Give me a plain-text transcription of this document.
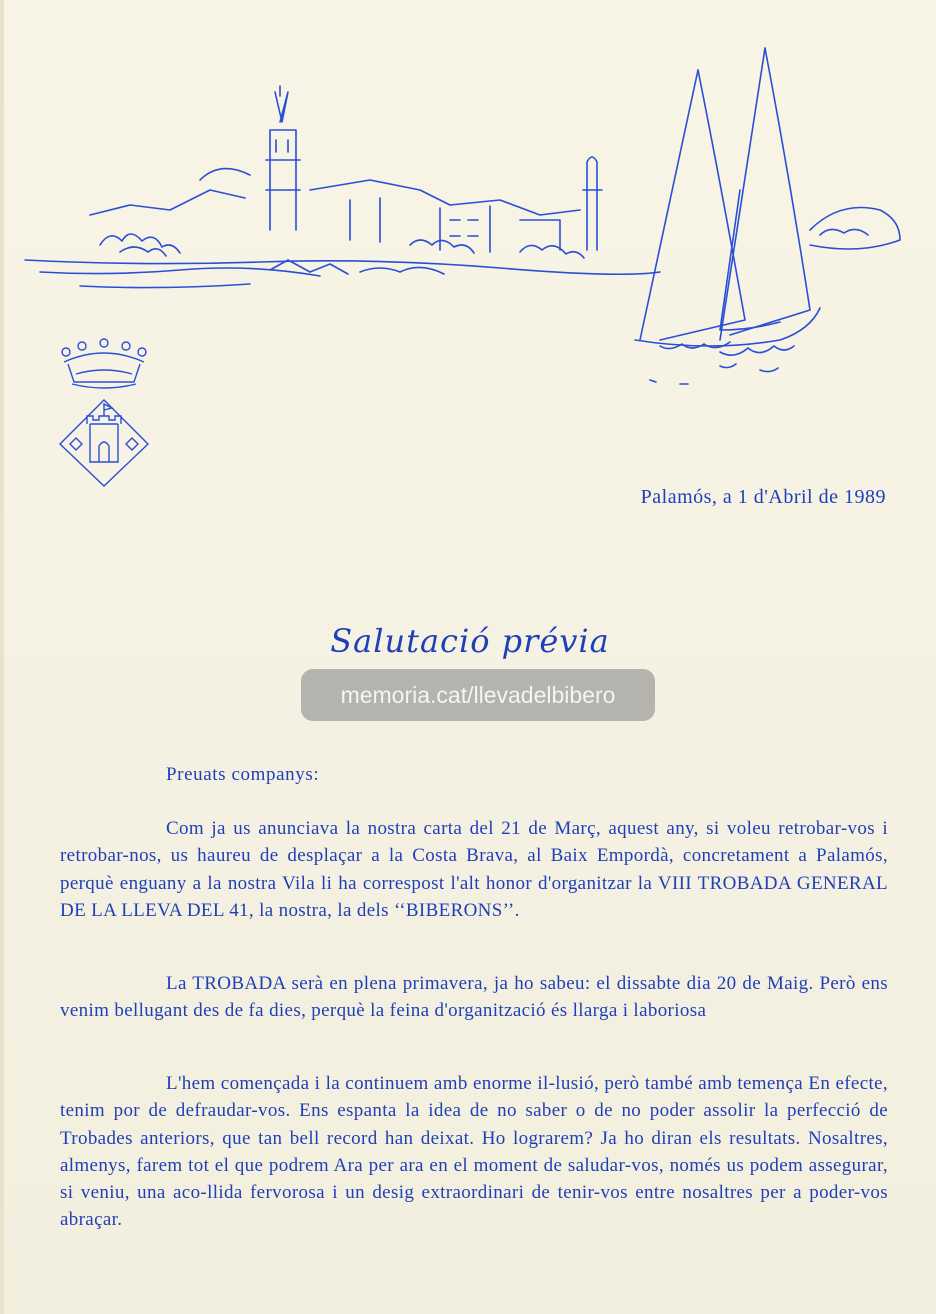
Palamós, a 1 d'Abril de 1989
Salutació prévia
memoria.cat/llevadelbibero
Preuats companys:

Com ja us anunciava la nostra carta del 21 de Març, aquest any, si voleu retrobar-vos i retrobar-nos, us haureu de desplaçar a la Costa Brava, al Baix Empordà, concretament a Palamós, perquè enguany a la nostra Vila li ha correspost l'alt honor d'organitzar la VIII TROBADA GENERAL DE LA LLEVA DEL 41, la nostra, la dels ‘‘BIBERONS’’.

La TROBADA serà en plena primavera, ja ho sabeu: el dissabte dia 20 de Maig. Però ens venim bellugant des de fa dies, perquè la feina d'organització és llarga i laboriosa

L'hem començada i la continuem amb enorme il-lusió, però també amb temença En efecte, tenim por de defraudar-vos. Ens espanta la idea de no saber o de no poder assolir la perfecció de Trobades anteriors, que tan bell record han deixat. Ho lograrem? Ja ho diran els resultats. Nosaltres, almenys, farem tot el que podrem Ara per ara en el moment de saludar-vos, només us podem assegurar, si veniu, una aco-llida fervorosa i un desig extraordinari de tenir-vos entre nosaltres per a poder-vos abraçar.
